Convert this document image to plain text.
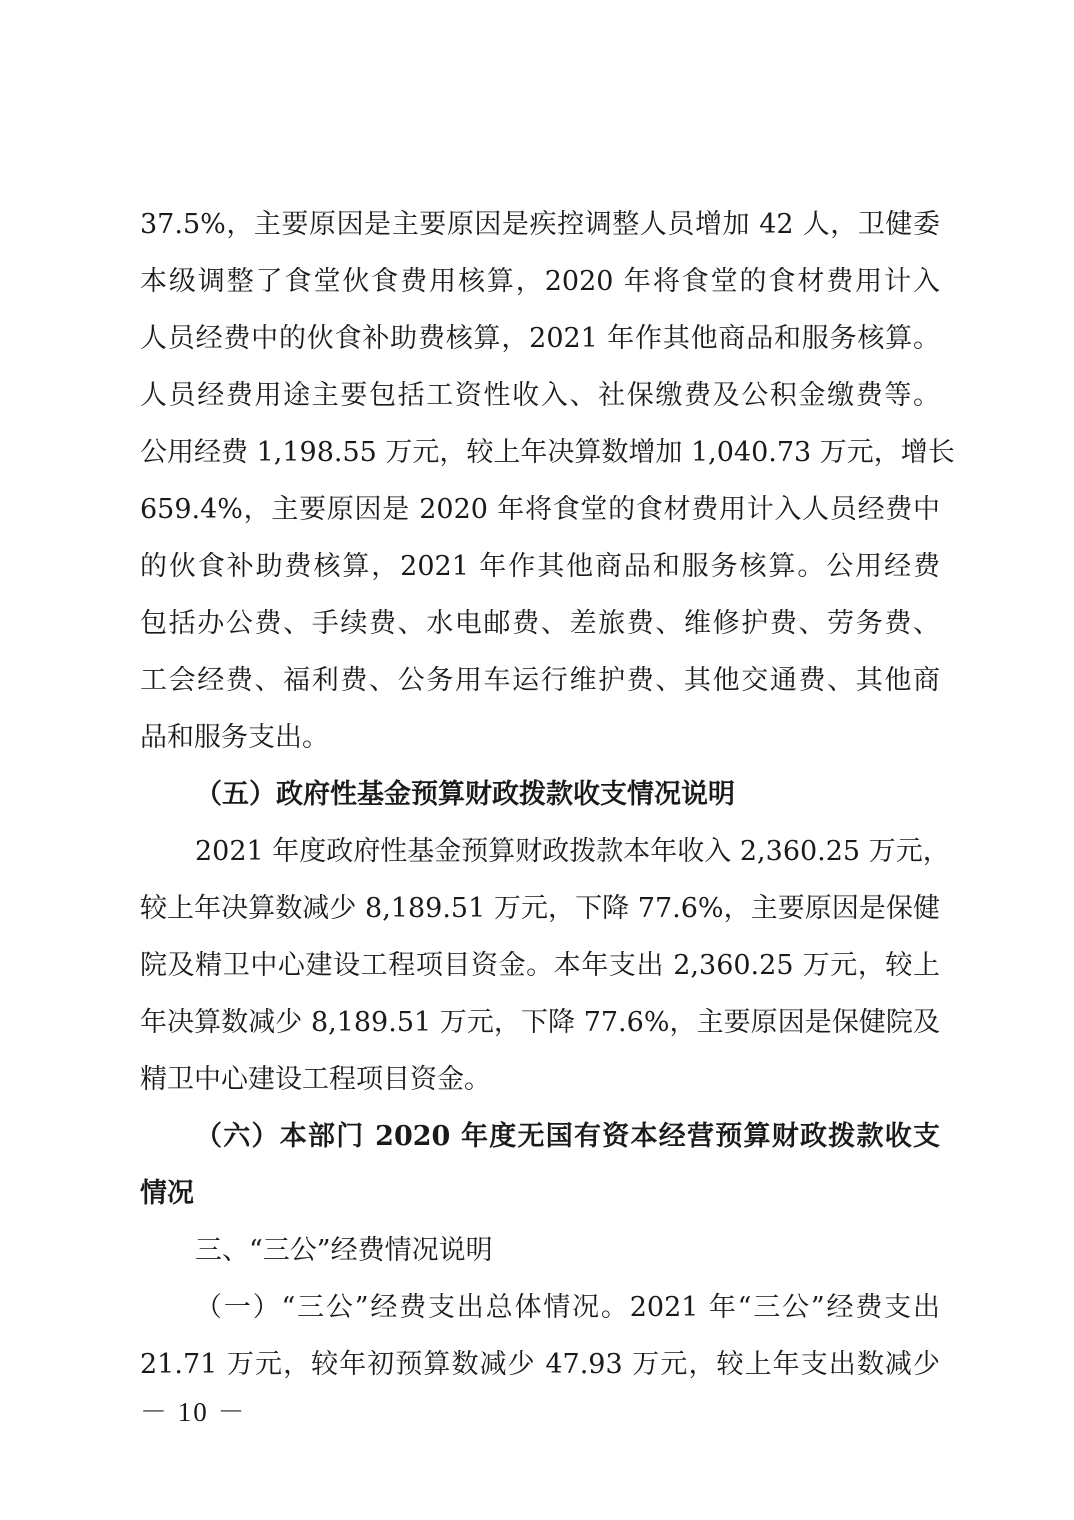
37.5%，主要原因是主要原因是疾控调整人员增加 42 人，卫健委
本级调整了食堂伙食费用核算，2020 年将食堂的食材费用计入
人员经费中的伙食补助费核算，2021 年作其他商品和服务核算。
人员经费用途主要包括工资性收入、社保缴费及公积金缴费等。
公用经费 1,198.55 万元，较上年决算数增加 1,040.73 万元，增长
659.4%，主要原因是 2020 年将食堂的食材费用计入人员经费中
的伙食补助费核算，2021 年作其他商品和服务核算。公用经费
包括办公费、手续费、水电邮费、差旅费、维修护费、劳务费、
工会经费、福利费、公务用车运行维护费、其他交通费、其他商
品和服务支出。
（五）政府性基金预算财政拨款收支情况说明
2021 年度政府性基金预算财政拨款本年收入 2,360.25 万元，
较上年决算数减少 8,189.51 万元，下降 77.6%，主要原因是保健
院及精卫中心建设工程项目资金。本年支出 2,360.25 万元，较上
年决算数减少 8,189.51 万元，下降 77.6%，主要原因是保健院及
精卫中心建设工程项目资金。
（六）本部门 2020 年度无国有资本经营预算财政拨款收支
情况
三、“三公”经费情况说明
（一）“三公”经费支出总体情况。2021 年“三公”经费支出
21.71 万元，较年初预算数减少 47.93 万元，较上年支出数减少
－ 10 －
